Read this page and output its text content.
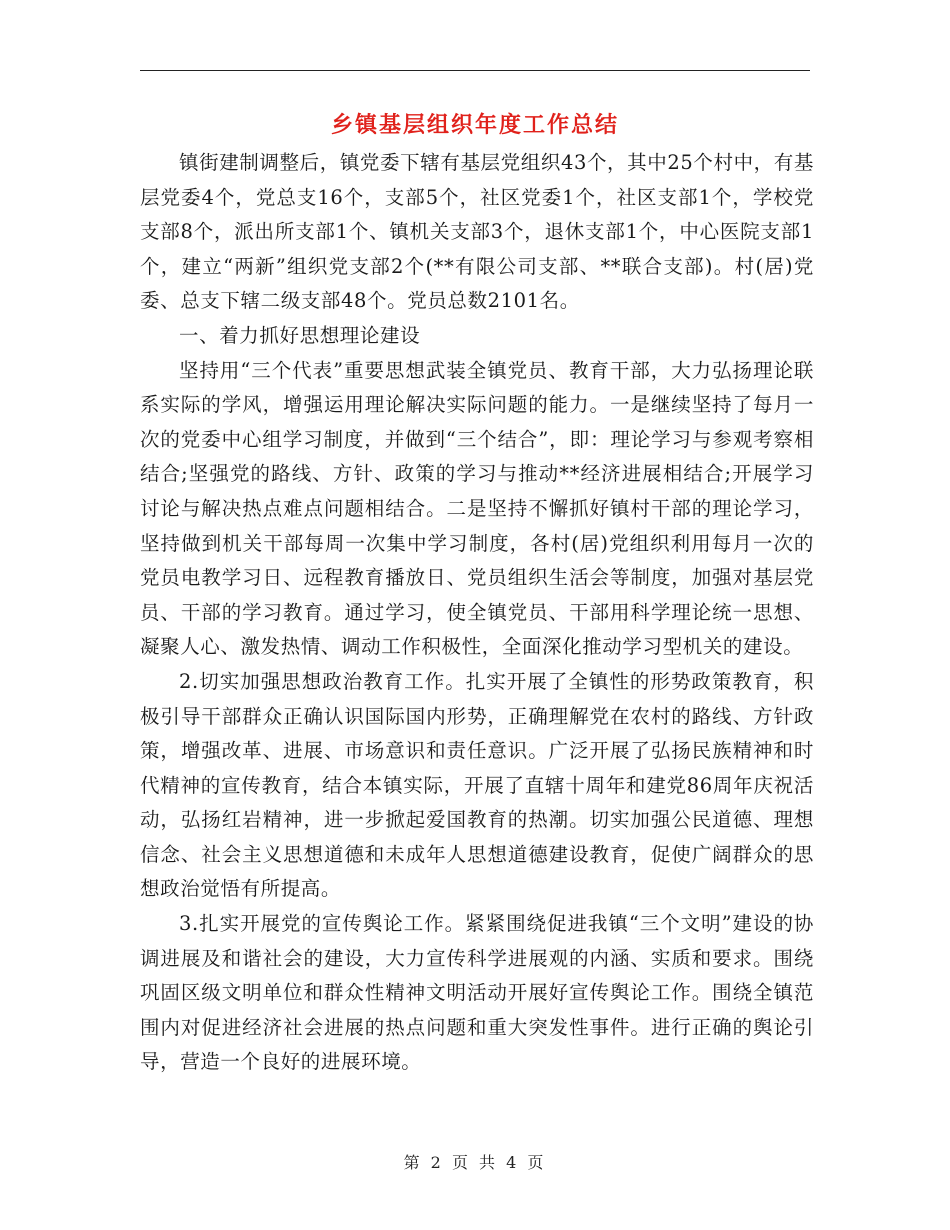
乡镇基层组织年度工作总结

镇街建制调整后，镇党委下辖有基层党组织43个，其中25个村中，有基层党委4个，党总支16个，支部5个，社区党委1个，社区支部1个，学校党支部8个，派出所支部1个、镇机关支部3个，退休支部1个，中心医院支部1个，建立“两新”组织党支部2个(**有限公司支部、**联合支部)。村(居)党委、总支下辖二级支部48个。党员总数2101名。

一、着力抓好思想理论建设

坚持用“三个代表”重要思想武装全镇党员、教育干部，大力弘扬理论联系实际的学风，增强运用理论解决实际问题的能力。一是继续坚持了每月一次的党委中心组学习制度，并做到“三个结合”，即：理论学习与参观考察相结合;坚强党的路线、方针、政策的学习与推动**经济进展相结合;开展学习讨论与解决热点难点问题相结合。二是坚持不懈抓好镇村干部的理论学习，坚持做到机关干部每周一次集中学习制度，各村(居)党组织利用每月一次的党员电教学习日、远程教育播放日、党员组织生活会等制度，加强对基层党员、干部的学习教育。通过学习，使全镇党员、干部用科学理论统一思想、凝聚人心、激发热情、调动工作积极性，全面深化推动学习型机关的建设。

2.切实加强思想政治教育工作。扎实开展了全镇性的形势政策教育，积极引导干部群众正确认识国际国内形势，正确理解党在农村的路线、方针政策，增强改革、进展、市场意识和责任意识。广泛开展了弘扬民族精神和时代精神的宣传教育，结合本镇实际，开展了直辖十周年和建党86周年庆祝活动，弘扬红岩精神，进一步掀起爱国教育的热潮。切实加强公民道德、理想信念、社会主义思想道德和未成年人思想道德建设教育，促使广阔群众的思想政治觉悟有所提高。

3.扎实开展党的宣传舆论工作。紧紧围绕促进我镇“三个文明”建设的协调进展及和谐社会的建设，大力宣传科学进展观的内涵、实质和要求。围绕巩固区级文明单位和群众性精神文明活动开展好宣传舆论工作。围绕全镇范围内对促进经济社会进展的热点问题和重大突发性事件。进行正确的舆论引导，营造一个良好的进展环境。

第 2 页 共 4 页
